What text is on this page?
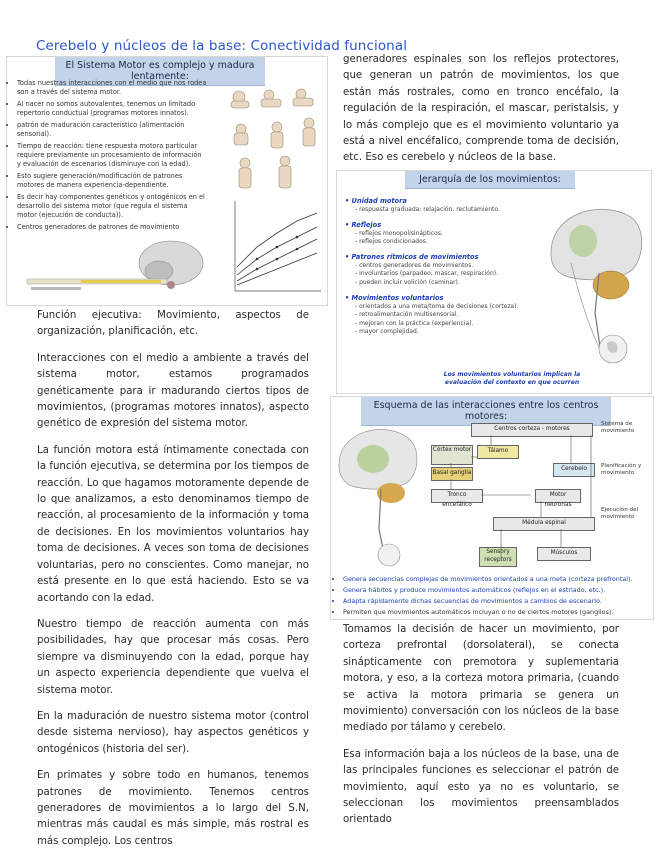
Cerebelo y núcleos de la base: Conectividad funcional
El Sistema Motor es complejo y madura lentamente:
• Todas nuestras interacciones con el medio que nos rodea son a través del sistema motor.
• Al nacer no somos autovalentes, tenemos un limitado repertorio conductual (programas motores innatos).
• patrón de maduración característico (alimentación sensorial).
• Tiempo de reacción: tiene respuesta motora particular requiere previamente un procesamiento de información y evaluación de escenarios (disminuye con la edad).
• Esto sugiere generación/modificación de patrones motores de manera experiencia-dependiente.
• Es decir hay componentes genéticos y ontogénicos en el desarrollo del sistema motor (que regula el sistema motor (ejecución de conducta)).
• Centros generadores de patrones de movimiento

Función ejecutiva: Movimiento, aspectos de organización, planificación, etc.

Interacciones con el medio a ambiente a través del sistema motor, estamos programados genéticamente para ir madurando ciertos tipos de movimientos, (programas motores innatos), aspecto genético de expresión del sistema motor.

La función motora está íntimamente conectada con la función ejecutiva, se determina por los tiempos de reacción. Lo que hagamos motoramente depende de lo que analizamos, a esto denominamos tiempo de reacción, al procesamiento de la información y toma de decisiones. En los movimientos voluntarios hay toma de decisiones. A veces son toma de decisiones voluntarias, pero no conscientes. Como manejar, no está presente en lo que está haciendo. Esto se va acortando con la edad.

Nuestro tiempo de reacción aumenta con más posibilidades, hay que procesar más cosas. Pero siempre va disminuyendo con la edad, porque hay un aspecto experiencia dependiente que vuelva el sistema motor.

En la maduración de nuestro sistema motor (control desde sistema nervioso), hay aspectos genéticos y ontogénicos (historia del ser).

En primates y sobre todo en humanos, tenemos patrones de movimiento. Tenemos centros generadores de movimientos a lo largo del S.N, mientras más caudal es más simple, más rostral es más complejo. Los centros

generadores espinales son los reflejos protectores, que generan un patrón de movimientos, los que están más rostrales, como en tronco encéfalo, la regulación de la respiración, el mascar, peristalsis, y lo más complejo que es el movimiento voluntario ya está a nivel encéfalico, comprende toma de decisión, etc. Eso es cerebelo y núcleos de la base.

Jerarquía de los movimientos:
• Unidad motora
- respuesta graduada: relajación, reclutamiento.
• Reflejos
- reflejos monopolisinápticos.
- reflejos condicionados.
• Patrones rítmicos de movimientos
- centros generadores de movimientos.
- involuntarios (parpadeo, mascar, respiración).
- pueden incluir volición (caminar).
• Movimientos voluntarios
- orientados a una meta/toma de decisiones (corteza).
- retroalimentación multisensorial.
- mejoran con la práctica (experiencia).
- mayor complejidad.
Los movimientos voluntarios implican la evaluación del contexto en que ocurren
Esquema de las interacciones entre los centros motores:
Centros corteza - motores
Tálamo
Córtex motor
Basal ganglia
Cerebelo
Tronco encefálico
Médula espinal
Motor neuronas
Sensory receptors
Músculos
Sistema de movimiento
Planificación y movimiento
Ejecución del movimiento
• Genera secuencias complejas de movimientos orientados a una meta (corteza prefrontal).
• Genera hábitos y produce movimientos automáticos (reflejos en el estriado, etc.).
• Adapta rápidamente dichas secuencias de movimientos a cambios de escenario.
• Permiten que movimientos automáticos incluyan o no de ciertos motores (ganglios).

Tomamos la decisión de hacer un movimiento, por corteza prefrontal (dorsolateral), se conecta sinápticamente con premotora y suplementaria motora, y eso, a la corteza motora primaria, (cuando se activa la motora primaria se genera un movimiento) conversación con los núcleos de la base mediado por tálamo y cerebelo.

Esa información baja a los núcleos de la base, una de las principales funciones es seleccionar el patrón de movimiento, aquí esto ya no es voluntario, se seleccionan los movimientos preensamblados orientado
